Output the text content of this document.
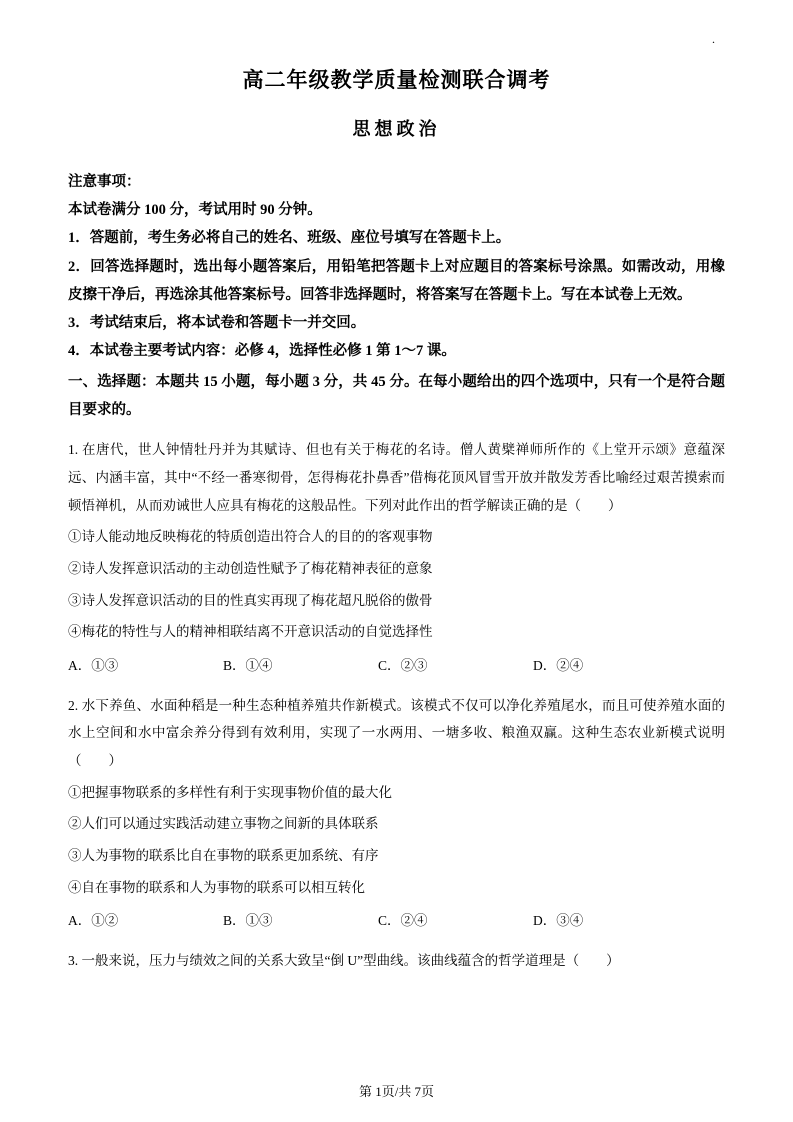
.
高二年级教学质量检测联合调考
思想政治
注意事项：
本试卷满分 100 分，考试用时 90 分钟。
1．答题前，考生务必将自己的姓名、班级、座位号填写在答题卡上。
2．回答选择题时，选出每小题答案后，用铅笔把答题卡上对应题目的答案标号涂黑。如需改动，用橡皮擦干净后，再选涂其他答案标号。回答非选择题时，将答案写在答题卡上。写在本试卷上无效。
3．考试结束后，将本试卷和答题卡一并交回。
4．本试卷主要考试内容：必修 4，选择性必修 1 第 1～7 课。
一、选择题：本题共 15 小题，每小题 3 分，共 45 分。在每小题给出的四个选项中，只有一个是符合题目要求的。
1. 在唐代，世人钟情牡丹并为其赋诗、但也有关于梅花的名诗。僧人黄檗禅师所作的《上堂开示颂》意蕴深远、内涵丰富，其中“不经一番寒彻骨，怎得梅花扑鼻香”借梅花顶风冒雪开放并散发芳香比喻经过艰苦摸索而顿悟禅机，从而劝诫世人应具有梅花的这般品性。下列对此作出的哲学解读正确的是（　　）
①诗人能动地反映梅花的特质创造出符合人的目的的客观事物
②诗人发挥意识活动的主动创造性赋予了梅花精神表征的意象
③诗人发挥意识活动的目的性真实再现了梅花超凡脱俗的傲骨
④梅花的特性与人的精神相联结离不开意识活动的自觉选择性
A．①③	B．①④	C．②③	D．②④
2. 水下养鱼、水面种稻是一种生态种植养殖共作新模式。该模式不仅可以净化养殖尾水，而且可使养殖水面的水上空间和水中富余养分得到有效利用，实现了一水两用、一塘多收、粮渔双赢。这种生态农业新模式说明（　　）
①把握事物联系的多样性有利于实现事物价值的最大化
②人们可以通过实践活动建立事物之间新的具体联系
③人为事物的联系比自在事物的联系更加系统、有序
④自在事物的联系和人为事物的联系可以相互转化
A．①②	B．①③	C．②④	D．③④
3. 一般来说，压力与绩效之间的关系大致呈“倒 U”型曲线。该曲线蕴含的哲学道理是（　　）
第 1页/共 7页
